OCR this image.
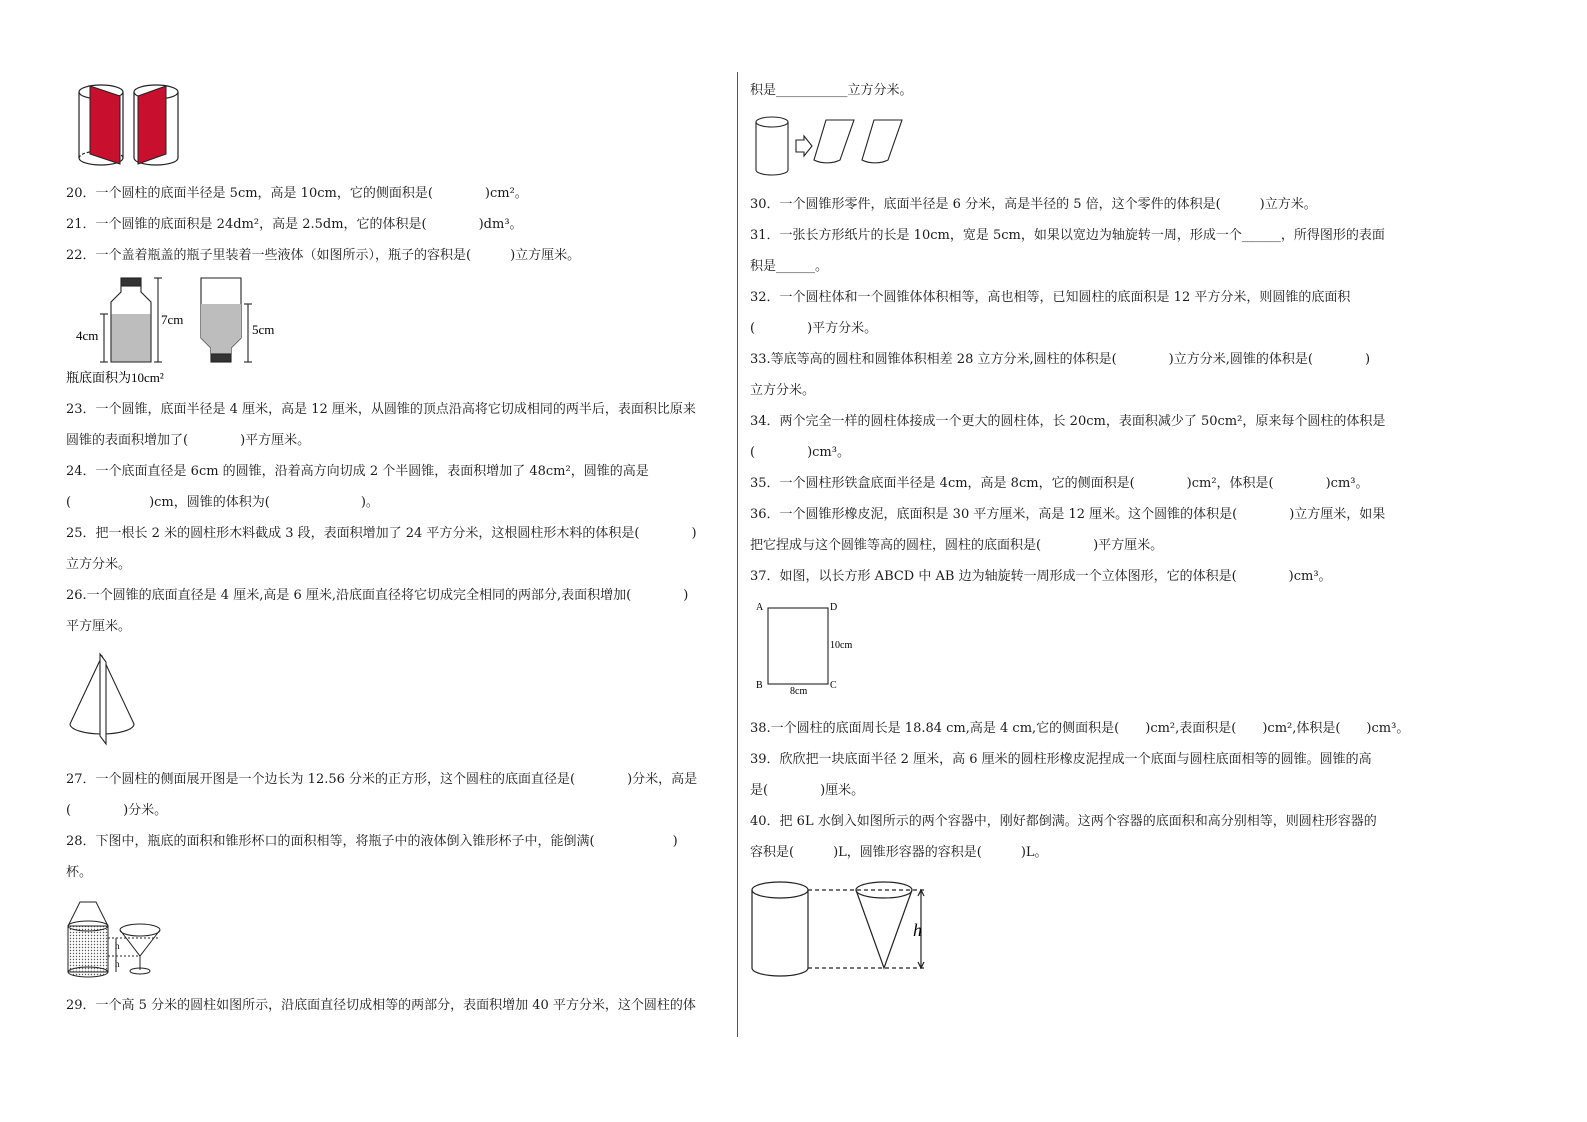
20．一个圆柱的底面半径是 5cm，高是 10cm，它的侧面积是(　　　　)cm²。
21．一个圆锥的底面积是 24dm²，高是 2.5dm，它的体积是(　　　　)dm³。
22．一个盖着瓶盖的瓶子里装着一些液体（如图所示），瓶子的容积是(　　　)立方厘米。
4cm
7cm
5cm
瓶底面积为10cm²
23．一个圆锥，底面半径是 4 厘米，高是 12 厘米，从圆锥的顶点沿高将它切成相同的两半后，表面积比原来
圆锥的表面积增加了(　　　　)平方厘米。
24．一个底面直径是 6cm 的圆锥，沿着高方向切成 2 个半圆锥，表面积增加了 48cm²，圆锥的高是
(　　　　　　)cm，圆锥的体积为(　　　　　　　)。
25．把一根长 2 米的圆柱形木料截成 3 段，表面积增加了 24 平方分米，这根圆柱形木料的体积是(　　　　)
立方分米。
26.一个圆锥的底面直径是 4 厘米,高是 6 厘米,沿底面直径将它切成完全相同的两部分,表面积增加(　　　　)
平方厘米。
27．一个圆柱的侧面展开图是一个边长为 12.56 分米的正方形，这个圆柱的底面直径是(　　　　)分米，高是
(　　　　)分米。
28．下图中，瓶底的面积和锥形杯口的面积相等，将瓶子中的液体倒入锥形杯子中，能倒满(　　　　　　)
杯。
h
h
29．一个高 5 分米的圆柱如图所示，沿底面直径切成相等的两部分，表面积增加 40 平方分米，这个圆柱的体
积是___________立方分米。
30．一个圆锥形零件，底面半径是 6 分米，高是半径的 5 倍，这个零件的体积是(　　　)立方米。
31．一张长方形纸片的长是 10cm，宽是 5cm，如果以宽边为轴旋转一周，形成一个______，所得图形的表面
积是______。
32．一个圆柱体和一个圆锥体体积相等，高也相等，已知圆柱的底面积是 12 平方分米，则圆锥的底面积
(　　　　)平方分米。
33.等底等高的圆柱和圆锥体积相差 28 立方分米,圆柱的体积是(　　　　)立方分米,圆锥的体积是(　　　　)
立方分米。
34．两个完全一样的圆柱体接成一个更大的圆柱体，长 20cm，表面积减少了 50cm²，原来每个圆柱的体积是
(　　　　)cm³。
35．一个圆柱形铁盒底面半径是 4cm，高是 8cm，它的侧面积是(　　　　)cm²，体积是(　　　　)cm³。
36．一个圆锥形橡皮泥，底面积是 30 平方厘米，高是 12 厘米。这个圆锥的体积是(　　　　)立方厘米，如果
把它捏成与这个圆锥等高的圆柱，圆柱的底面积是(　　　　)平方厘米。
37．如图，以长方形 ABCD 中 AB 边为轴旋转一周形成一个立体图形，它的体积是(　　　　)cm³。
A
B	C
D
10cm
8cm
38.一个圆柱的底面周长是 18.84 cm,高是 4 cm,它的侧面积是(　　)cm²,表面积是(　　)cm²,体积是(　　)cm³。
39．欣欣把一块底面半径 2 厘米，高 6 厘米的圆柱形橡皮泥捏成一个底面与圆柱底面相等的圆锥。圆锥的高
是(　　　　)厘米。
40．把 6L 水倒入如图所示的两个容器中，刚好都倒满。这两个容器的底面积和高分别相等，则圆柱形容器的
容积是(　　　)L，圆锥形容器的容积是(　　　)L。
h
